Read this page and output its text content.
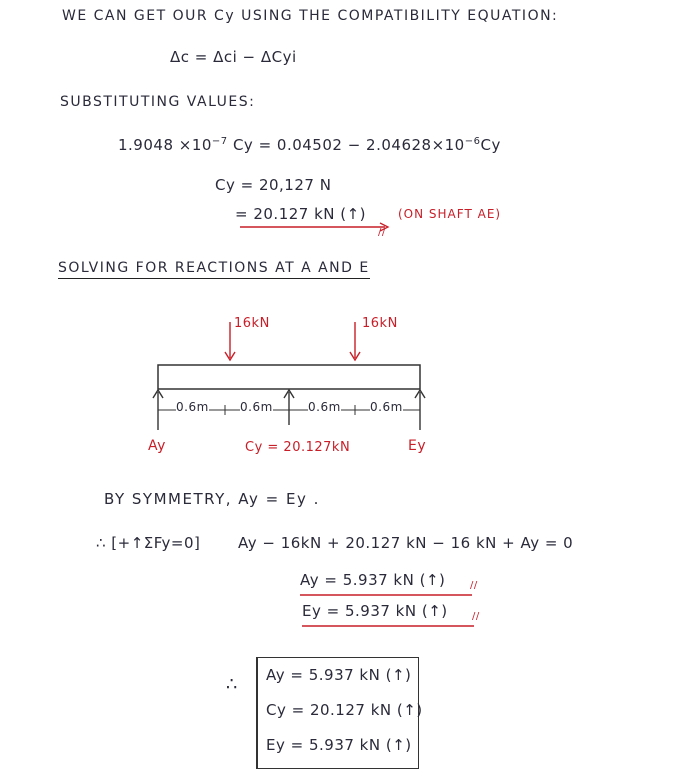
WE CAN GET OUR Cy USING THE COMPATIBILITY EQUATION:
Δc = Δci − ΔCyi
SUBSTITUTING VALUES:
$1.9048 \times 10^{-7}$ $Cy = 0.04502 - 2.04628\times 10^{-6}Cy$
Cy = 20,127 N
= 20.127 kN (↑)	(ON SHAFT AE)
//
SOLVING FOR REACTIONS AT A AND E
16kN	16kN
0.6m	0.6m	0.6m 0.6m
Ay	Cy = 20.127kN	Ey
BY SYMMETRY, Ay = Ey .
∴ [+↑ΣFy=0]	Ay − 16kN + 20.127 kN − 16 kN + Ay = 0
Ay = 5.937 kN (↑) //
Ey = 5.937 kN (↑) //
∴ Ay = 5.937 kN (↑)
Cy = 20.127 kN (↑)
Ey = 5.937 kN (↑)
